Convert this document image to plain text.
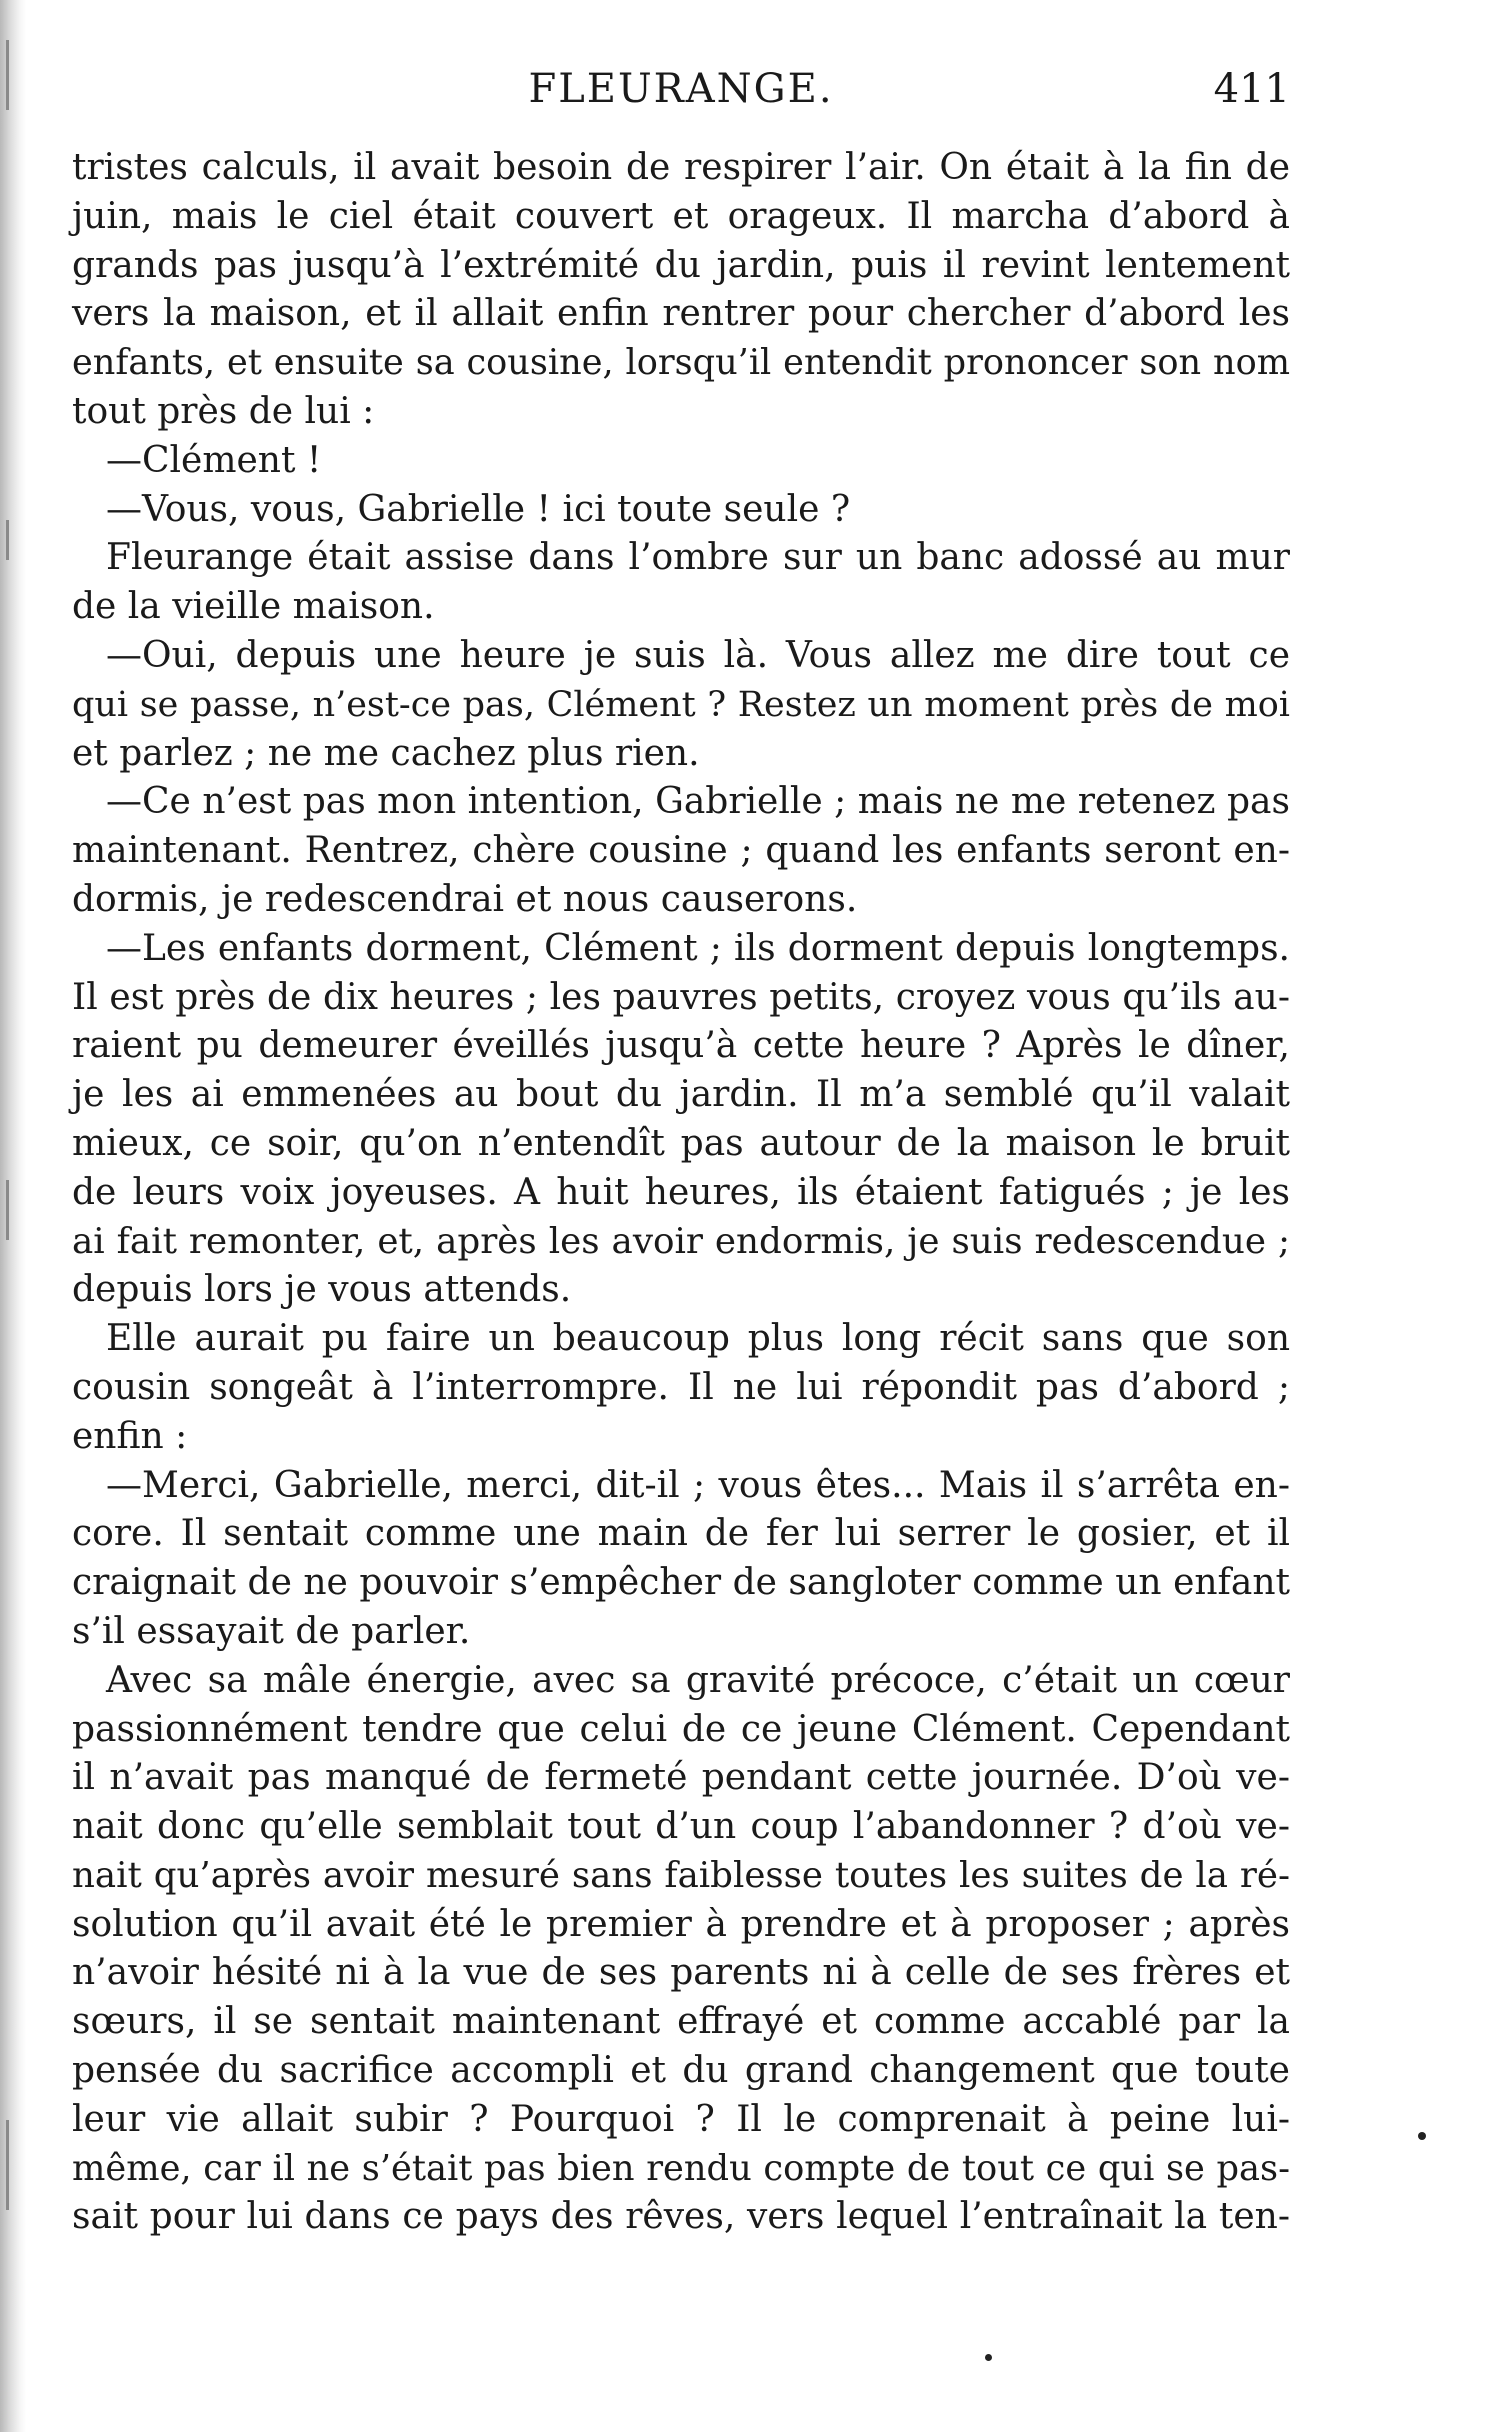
FLEURANGE.	411
tristes calculs, il avait besoin de respirer l’air. On était à la fin de
juin, mais le ciel était couvert et orageux. Il marcha d’abord à
grands pas jusqu’à l’extrémité du jardin, puis il revint lentement
vers la maison, et il allait enfin rentrer pour chercher d’abord les
enfants, et ensuite sa cousine, lorsqu’il entendit prononcer son nom
tout près de lui :
—Clément !
—Vous, vous, Gabrielle ! ici toute seule ?
Fleurange était assise dans l’ombre sur un banc adossé au mur
de la vieille maison.
—Oui, depuis une heure je suis là. Vous allez me dire tout ce
qui se passe, n’est-ce pas, Clément ? Restez un moment près de moi
et parlez ; ne me cachez plus rien.
—Ce n’est pas mon intention, Gabrielle ; mais ne me retenez pas
maintenant. Rentrez, chère cousine ; quand les enfants seront en-
dormis, je redescendrai et nous causerons.
—Les enfants dorment, Clément ; ils dorment depuis longtemps.
Il est près de dix heures ; les pauvres petits, croyez vous qu’ils au-
raient pu demeurer éveillés jusqu’à cette heure ? Après le dîner,
je les ai emmenées au bout du jardin. Il m’a semblé qu’il valait
mieux, ce soir, qu’on n’entendît pas autour de la maison le bruit
de leurs voix joyeuses. A huit heures, ils étaient fatigués ; je les
ai fait remonter, et, après les avoir endormis, je suis redescendue ;
depuis lors je vous attends.
Elle aurait pu faire un beaucoup plus long récit sans que son
cousin songeât à l’interrompre. Il ne lui répondit pas d’abord ;
enfin :
—Merci, Gabrielle, merci, dit-il ; vous êtes... Mais il s’arrêta en-
core. Il sentait comme une main de fer lui serrer le gosier, et il
craignait de ne pouvoir s’empêcher de sangloter comme un enfant
s’il essayait de parler.
Avec sa mâle énergie, avec sa gravité précoce, c’était un cœur
passionnément tendre que celui de ce jeune Clément. Cependant
il n’avait pas manqué de fermeté pendant cette journée. D’où ve-
nait donc qu’elle semblait tout d’un coup l’abandonner ? d’où ve-
nait qu’après avoir mesuré sans faiblesse toutes les suites de la ré-
solution qu’il avait été le premier à prendre et à proposer ; après
n’avoir hésité ni à la vue de ses parents ni à celle de ses frères et
sœurs, il se sentait maintenant effrayé et comme accablé par la
pensée du sacrifice accompli et du grand changement que toute
leur vie allait subir ? Pourquoi ? Il le comprenait à peine lui-
même, car il ne s’était pas bien rendu compte de tout ce qui se pas-
sait pour lui dans ce pays des rêves, vers lequel l’entraînait la ten-
